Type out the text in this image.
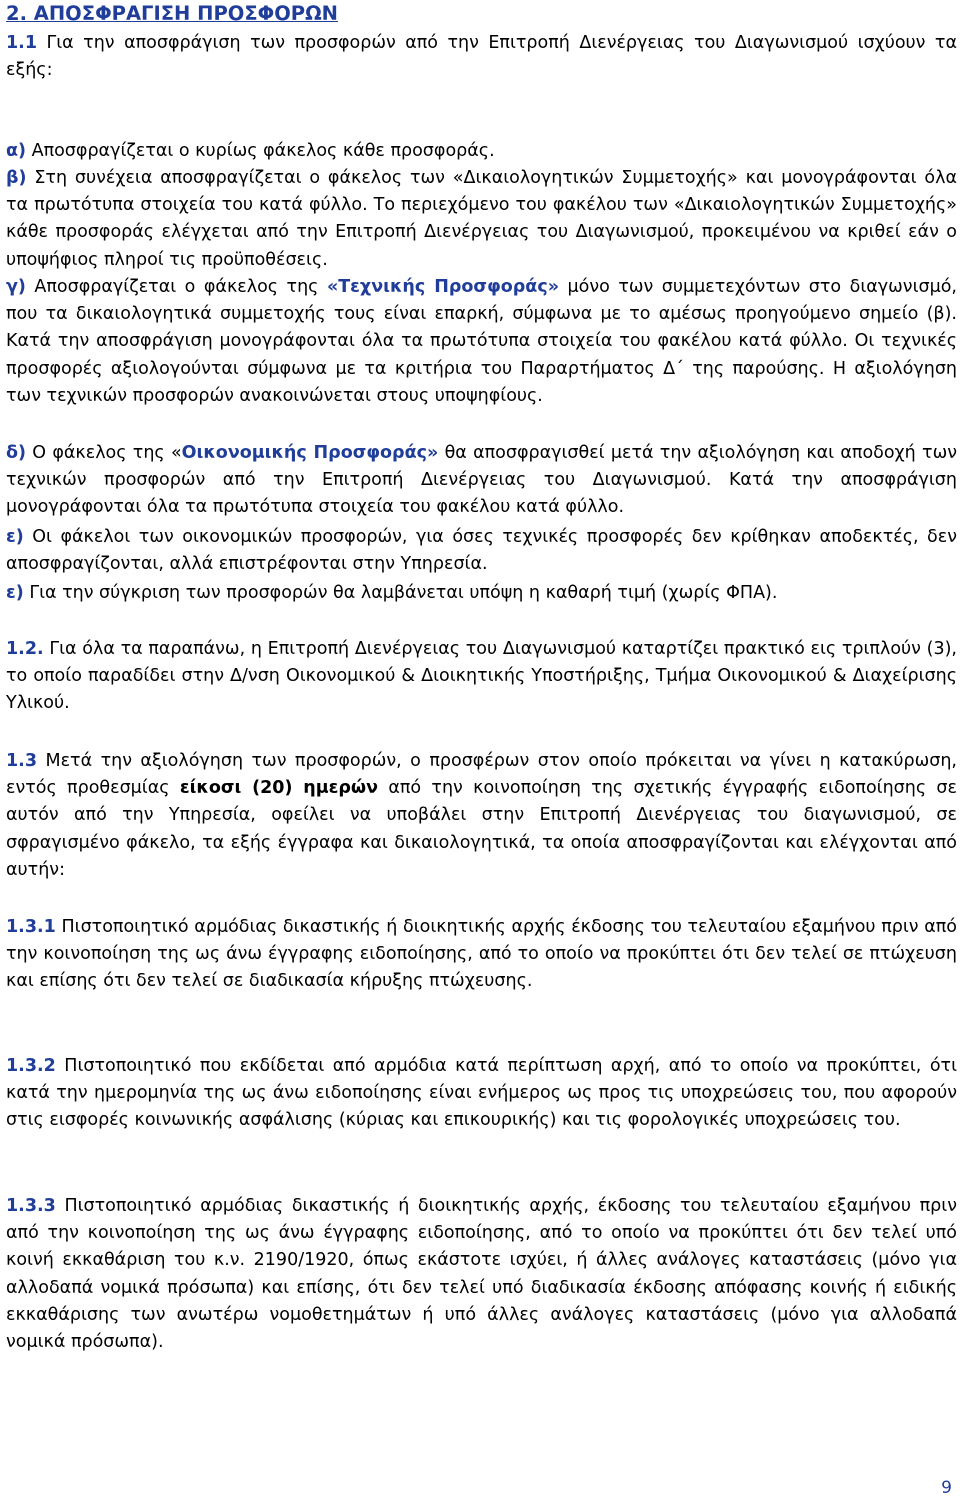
2. ΑΠΟΣΦΡΑΓΙΣΗ ΠΡΟΣΦΟΡΩΝ

1.1 Για την αποσφράγιση των προσφορών από την Επιτροπή Διενέργειας του Διαγωνισμού ισχύουν τα εξής:

α) Αποσφραγίζεται ο κυρίως φάκελος κάθε προσφοράς.

β) Στη συνέχεια αποσφραγίζεται ο φάκελος των «Δικαιολογητικών Συμμετοχής» και μονογράφονται όλα τα πρωτότυπα στοιχεία του κατά φύλλο. Το περιεχόμενο του φακέλου των «Δικαιολογητικών Συμμετοχής» κάθε προσφοράς ελέγχεται από την Επιτροπή Διενέργειας του Διαγωνισμού, προκειμένου να κριθεί εάν ο υποψήφιος πληροί τις προϋποθέσεις.

γ) Αποσφραγίζεται ο φάκελος της «Τεχνικής Προσφοράς» μόνο των συμμετεχόντων στο διαγωνισμό, που τα δικαιολογητικά συμμετοχής τους είναι επαρκή, σύμφωνα με το αμέσως προηγούμενο σημείο (β). Κατά την αποσφράγιση μονογράφονται όλα τα πρωτότυπα στοιχεία του φακέλου κατά φύλλο. Οι τεχνικές προσφορές αξιολογούνται σύμφωνα με τα κριτήρια του Παραρτήματος Δ΄ της παρούσης. Η αξιολόγηση των τεχνικών προσφορών ανακοινώνεται στους υποψηφίους.

δ) Ο φάκελος της «Οικονομικής Προσφοράς» θα αποσφραγισθεί μετά την αξιολόγηση και αποδοχή των τεχνικών προσφορών από την Επιτροπή Διενέργειας του Διαγωνισμού. Κατά την αποσφράγιση μονογράφονται όλα τα πρωτότυπα στοιχεία του φακέλου κατά φύλλο.

ε) Οι φάκελοι των οικονομικών προσφορών, για όσες τεχνικές προσφορές δεν κρίθηκαν αποδεκτές, δεν αποσφραγίζονται, αλλά επιστρέφονται στην Υπηρεσία.

ε) Για την σύγκριση των προσφορών θα λαμβάνεται υπόψη η καθαρή τιμή (χωρίς ΦΠΑ).

1.2. Για όλα τα παραπάνω, η Επιτροπή Διενέργειας του Διαγωνισμού καταρτίζει πρακτικό εις τριπλούν (3), το οποίο παραδίδει στην Δ/νση Οικονομικού & Διοικητικής Υποστήριξης, Τμήμα Οικονομικού & Διαχείρισης Υλικού.

1.3 Μετά την αξιολόγηση των προσφορών, ο προσφέρων στον οποίο πρόκειται να γίνει η κατακύρωση, εντός προθεσμίας είκοσι (20) ημερών από την κοινοποίηση της σχετικής έγγραφής ειδοποίησης σε αυτόν από την Υπηρεσία, οφείλει να υποβάλει στην Επιτροπή Διενέργειας του διαγωνισμού, σε σφραγισμένο φάκελο, τα εξής έγγραφα και δικαιολογητικά, τα οποία αποσφραγίζονται και ελέγχονται από αυτήν:

1.3.1 Πιστοποιητικό αρμόδιας δικαστικής ή διοικητικής αρχής έκδοσης του τελευταίου εξαμήνου πριν από την κοινοποίηση της ως άνω έγγραφης ειδοποίησης, από το οποίο να προκύπτει ότι δεν τελεί σε πτώχευση και επίσης ότι δεν τελεί σε διαδικασία κήρυξης πτώχευσης.

1.3.2 Πιστοποιητικό που εκδίδεται από αρμόδια κατά περίπτωση αρχή, από το οποίο να προκύπτει, ότι κατά την ημερομηνία της ως άνω ειδοποίησης είναι ενήμερος ως προς τις υποχρεώσεις του, που αφορούν στις εισφορές κοινωνικής ασφάλισης (κύριας και επικουρικής) και τις φορολογικές υποχρεώσεις του.

1.3.3 Πιστοποιητικό αρμόδιας δικαστικής ή διοικητικής αρχής, έκδοσης του τελευταίου εξαμήνου πριν από την κοινοποίηση της ως άνω έγγραφης ειδοποίησης, από το οποίο να προκύπτει ότι δεν τελεί υπό κοινή εκκαθάριση του κ.ν. 2190/1920, όπως εκάστοτε ισχύει, ή άλλες ανάλογες καταστάσεις (μόνο για αλλοδαπά νομικά πρόσωπα) και επίσης, ότι δεν τελεί υπό διαδικασία έκδοσης απόφασης κοινής ή ειδικής εκκαθάρισης των ανωτέρω νομοθετημάτων ή υπό άλλες ανάλογες καταστάσεις (μόνο για αλλοδαπά νομικά πρόσωπα).

9
